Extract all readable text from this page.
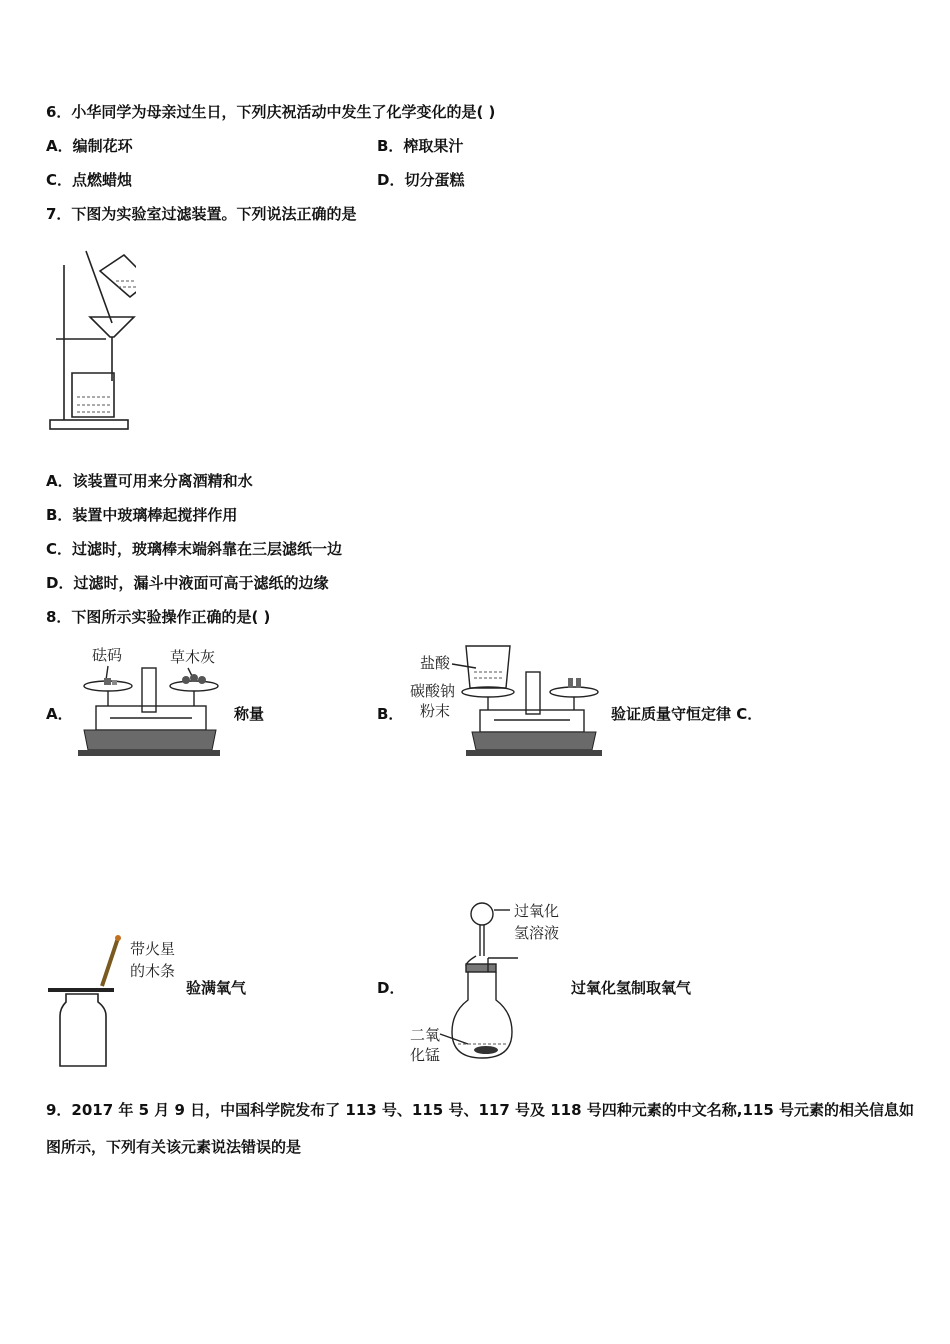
6．小华同学为母亲过生日，下列庆祝活动中发生了化学变化的是( )
A．编制花环	B．榨取果汁
C．点燃蜡烛	D．切分蛋糕
7．下图为实验室过滤装置。下列说法正确的是
A．该装置可用来分离酒精和水
B．装置中玻璃棒起搅拌作用
C．过滤时，玻璃棒末端斜靠在三层滤纸一边
D．过滤时，漏斗中液面可高于滤纸的边缘
8．下图所示实验操作正确的是( )
A．
砝码	草木灰
称量	B．
盐酸
碳酸钠
粉末	验证质量守恒定律 C．
带火星
的木条
验满氧气	D．
过氧化
氢溶液
二氧
化锰
过氧化氢制取氧气
9．2017 年 5 月 9 日，中国科学院发布了 113 号、115 号、117 号及 118 号四种元素的中文名称,115 号元素的相关信息如
图所示，下列有关该元素说法错误的是
